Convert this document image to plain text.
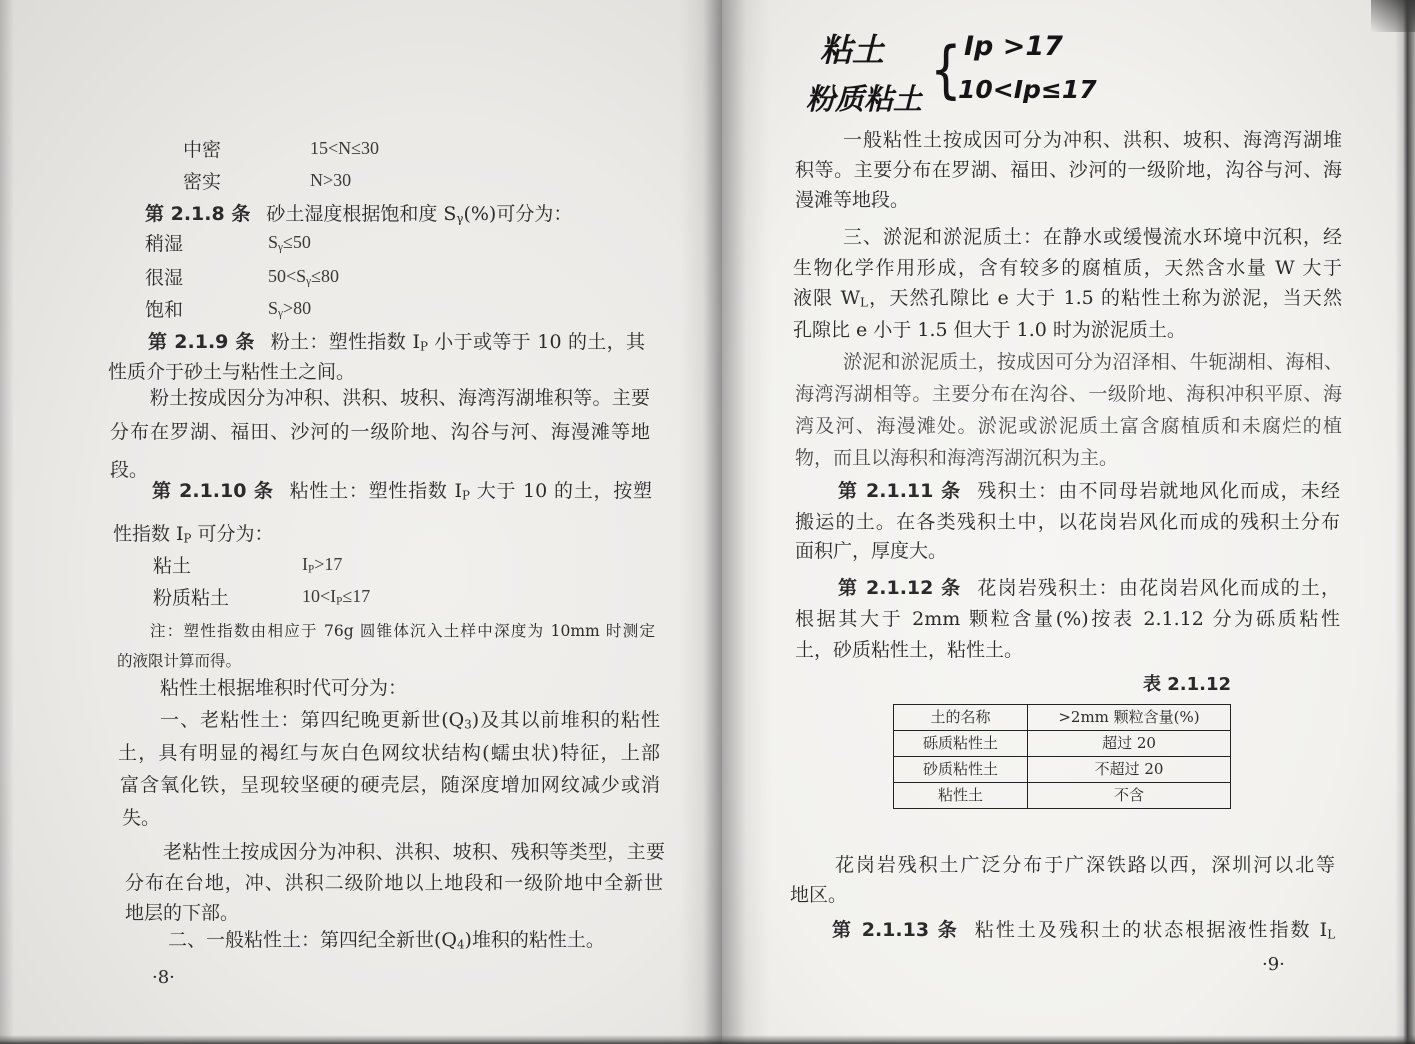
中密	15<N≤30
密实	N>30
第 2.1.8 条 砂土湿度根据饱和度 $S_\gamma(\%)$可分为：
稍湿	$S_\gamma\le 50$
很湿	$50<S_\gamma\le 80$
饱和	$S_\gamma>80$
第 2.1.9 条 粉土：塑性指数 $I_P$ 小于或等于 10 的土，其
性质介于砂土与粘性土之间。
粉土按成因分为冲积、洪积、坡积、海湾泻湖堆积等。主要
分布在罗湖、福田、沙河的一级阶地、沟谷与河、海漫滩等地
段。
第 2.1.10 条 粘性土：塑性指数 $I_P$ 大于 10 的土，按塑
性指数 $I_P$ 可分为：
粘土	$I_P>17$
粉质粘土	$10<I_P\le 17$
注：塑性指数由相应于 76g 圆锥体沉入土样中深度为 10mm 时测定
的液限计算而得。
粘性土根据堆积时代可分为：
一、老粘性土：第四纪晚更新世$(Q_3)$及其以前堆积的粘性
土，具有明显的褐红与灰白色网纹状结构(蠕虫状)特征，上部
富含氧化铁，呈现较坚硬的硬壳层，随深度增加网纹减少或消
失。
老粘性土按成因分为冲积、洪积、坡积、残积等类型，主要
分布在台地，冲、洪积二级阶地以上地段和一级阶地中全新世
地层的下部。
二、一般粘性土：第四纪全新世$(Q_4)$堆积的粘性土。
·8·
粘土 { Ip >17
粉质粘土 10<Ip≤17
一般粘性土按成因可分为冲积、洪积、坡积、海湾泻湖堆
积等。主要分布在罗湖、福田、沙河的一级阶地，沟谷与河、海
漫滩等地段。
三、淤泥和淤泥质土：在静水或缓慢流水环境中沉积，经
生物化学作用形成，含有较多的腐植质，天然含水量 W 大于
液限 $W_L$，天然孔隙比 e 大于 1.5 的粘性土称为淤泥，当天然
孔隙比 e 小于 1.5 但大于 1.0 时为淤泥质土。
淤泥和淤泥质土，按成因可分为沼泽相、牛轭湖相、海相、
海湾泻湖相等。主要分布在沟谷、一级阶地、海积冲积平原、海
湾及河、海漫滩处。淤泥或淤泥质土富含腐植质和未腐烂的植
物，而且以海积和海湾泻湖沉积为主。
第 2.1.11 条 残积土：由不同母岩就地风化而成，未经
搬运的土。在各类残积土中，以花岗岩风化而成的残积土分布
面积广，厚度大。
第 2.1.12 条 花岗岩残积土：由花岗岩风化而成的土，
根据其大于 2mm 颗粒含量(%)按表 2.1.12 分为砾质粘性
土，砂质粘性土，粘性土。
表 2.1.12
土的名称	>2mm 颗粒含量(%)
砾质粘性土	超过 20
砂质粘性土	不超过 20
粘性土	不含
花岗岩残积土广泛分布于广深铁路以西，深圳河以北等
地区。
第 2.1.13 条 粘性土及残积土的状态根据液性指数 $I_L$
·9·
